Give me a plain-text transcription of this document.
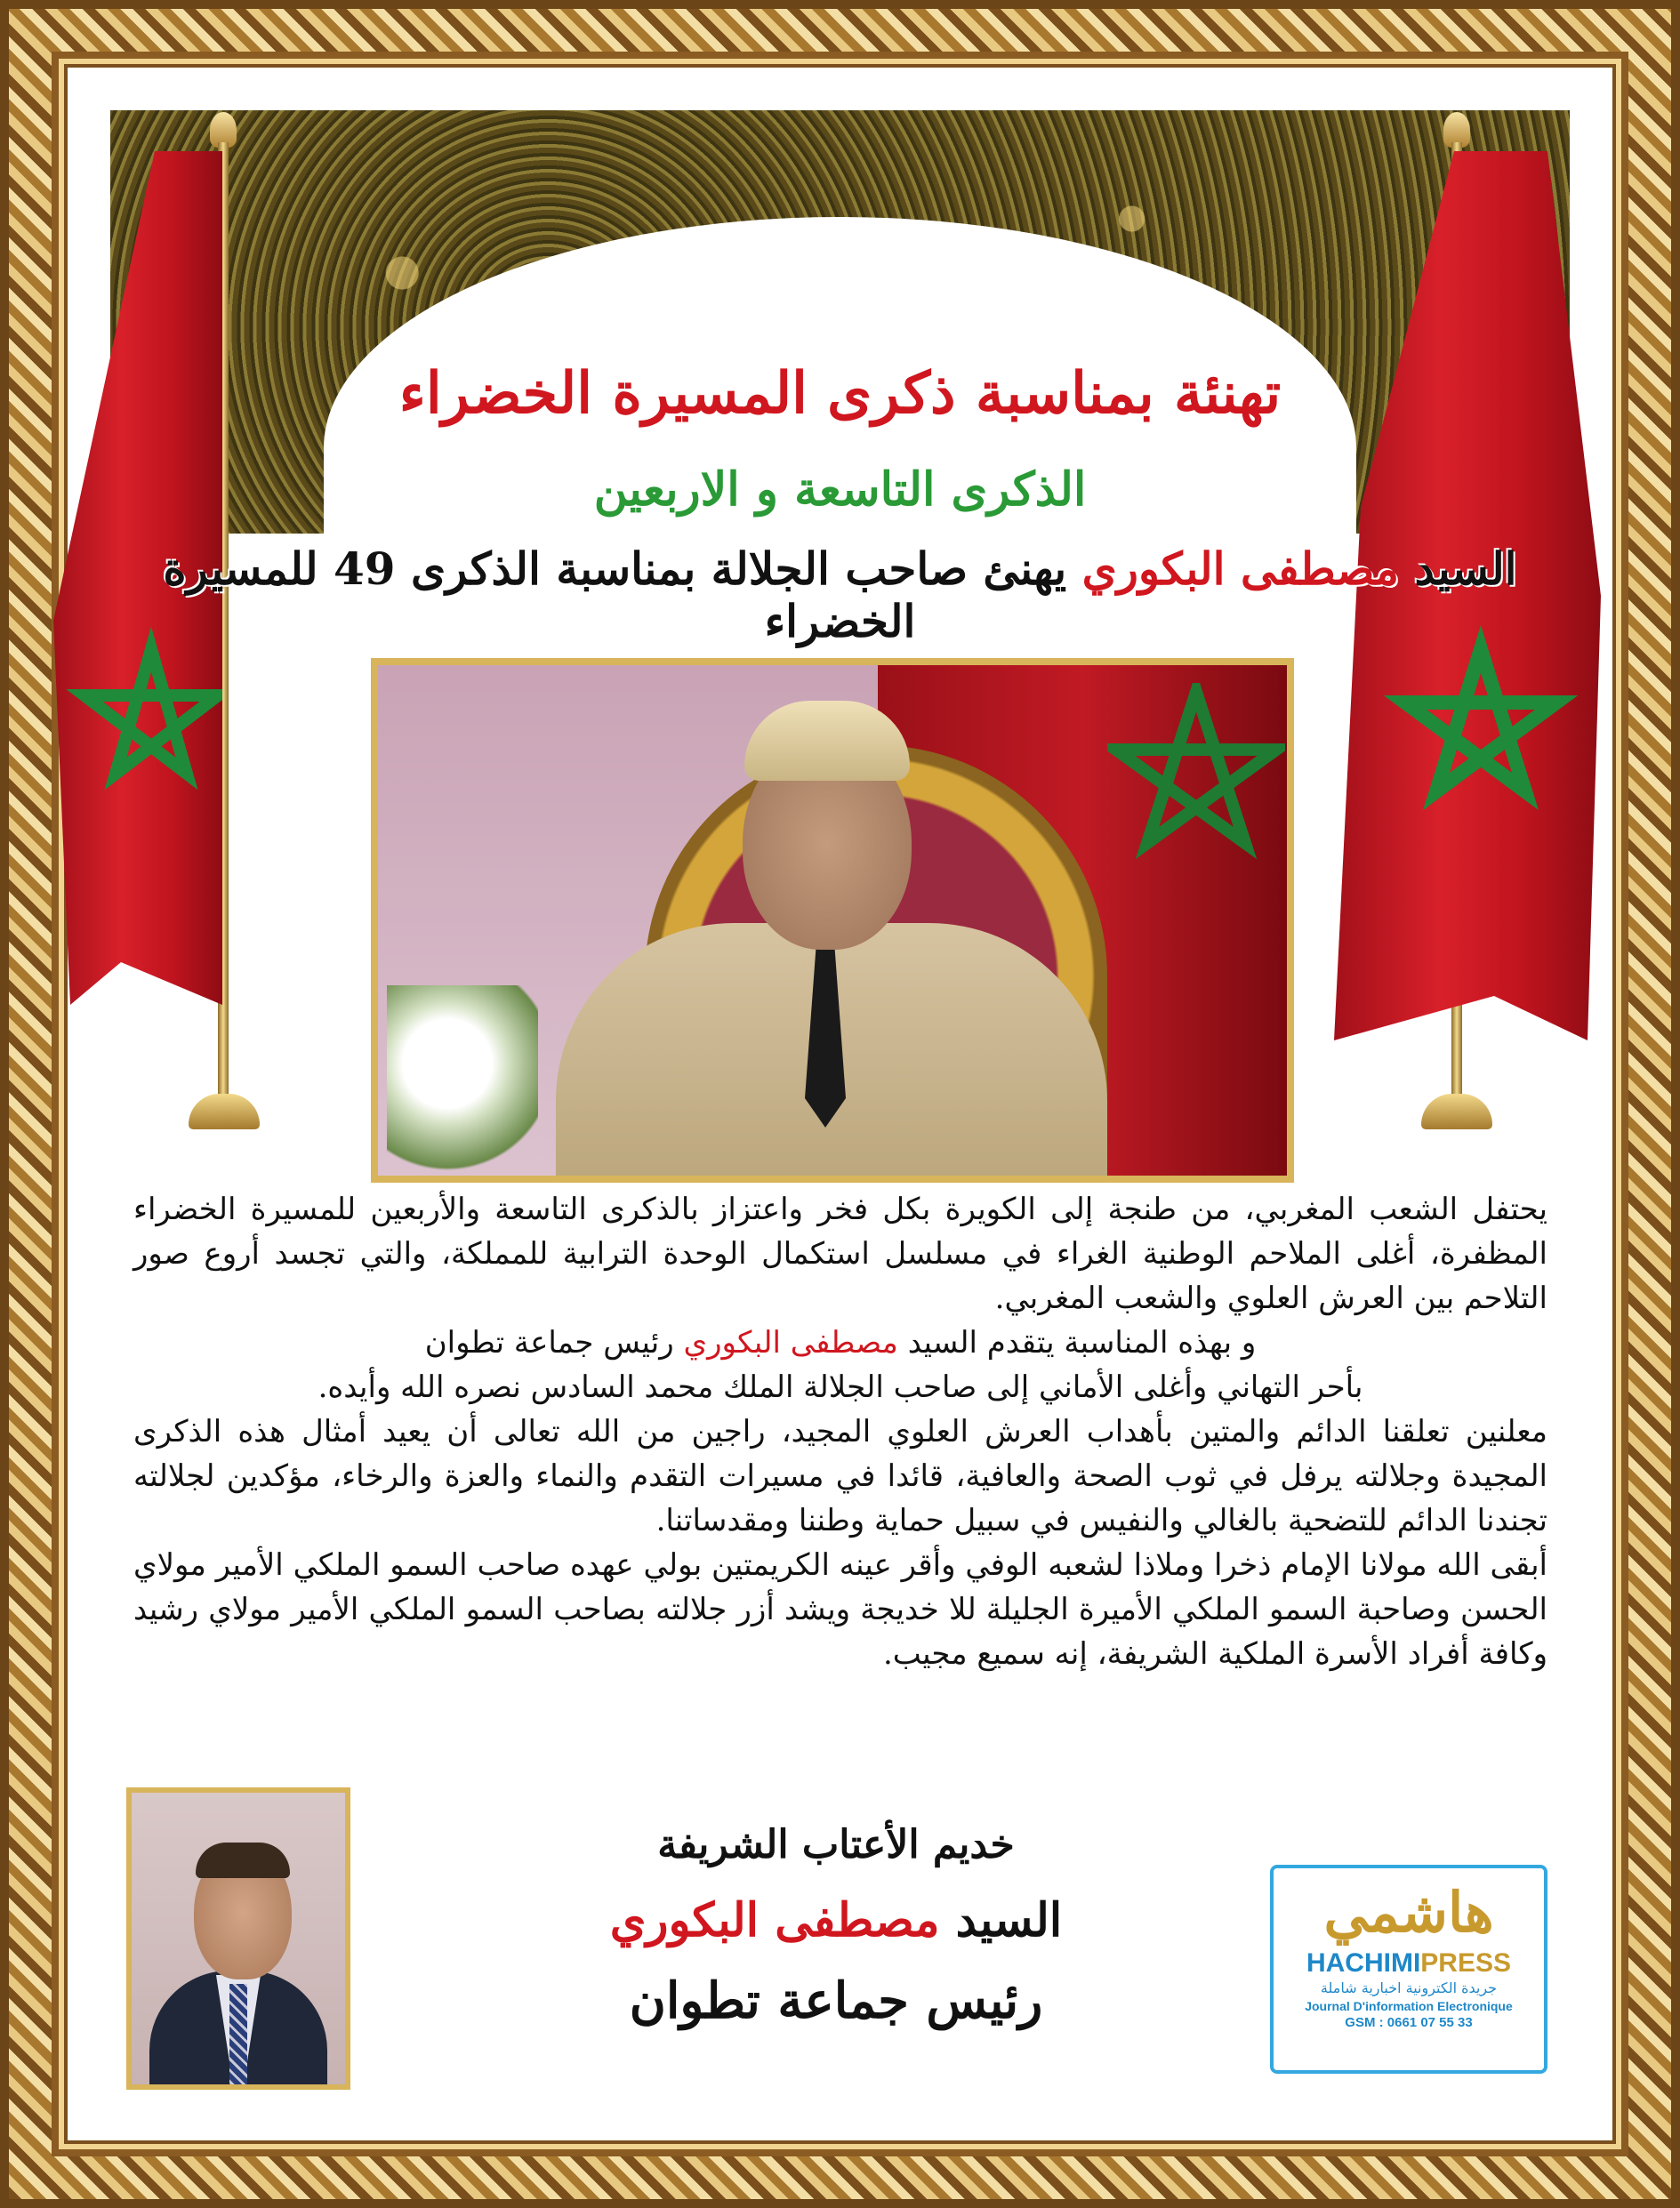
تهنئة بمناسبة ذكرى المسيرة الخضراء
الذكرى التاسعة و الاربعين
السيد مصطفى البكوري يهنئ صاحب الجلالة بمناسبة الذكرى 49 للمسيرة الخضراء

يحتفل الشعب المغربي، من طنجة إلى الكويرة بكل فخر واعتزاز بالذكرى التاسعة والأربعين للمسيرة الخضراء المظفرة، أغلى الملاحم الوطنية الغراء في مسلسل استكمال الوحدة الترابية للمملكة، والتي تجسد أروع صور التلاحم بين العرش العلوي والشعب المغربي.

و بهذه المناسبة يتقدم السيد مصطفى البكوري رئيس جماعة تطوان

بأحر التهاني وأغلى الأماني إلى صاحب الجلالة الملك محمد السادس نصره الله وأيده.

معلنين تعلقنا الدائم والمتين بأهداب العرش العلوي المجيد، راجين من الله تعالى أن يعيد أمثال هذه الذكرى المجيدة وجلالته يرفل في ثوب الصحة والعافية، قائدا في مسيرات التقدم والنماء والعزة والرخاء، مؤكدين لجلالته تجندنا الدائم للتضحية بالغالي والنفيس في سبيل حماية وطننا ومقدساتنا.

أبقى الله مولانا الإمام ذخرا وملاذا لشعبه الوفي وأقر عينه الكريمتين بولي عهده صاحب السمو الملكي الأمير مولاي الحسن وصاحبة السمو الملكي الأميرة الجليلة للا خديجة ويشد أزر جلالته بصاحب السمو الملكي الأمير مولاي رشيد وكافة أفراد الأسرة الملكية الشريفة، إنه سميع مجيب.

خديم الأعتاب الشريفة
السيد مصطفى البكوري
رئيس جماعة تطوان
هاشمي
HACHIMIPRESS
جريدة الكترونية اخبارية شاملة
Journal D'information Electronique
GSM : 0661 07 55 33
